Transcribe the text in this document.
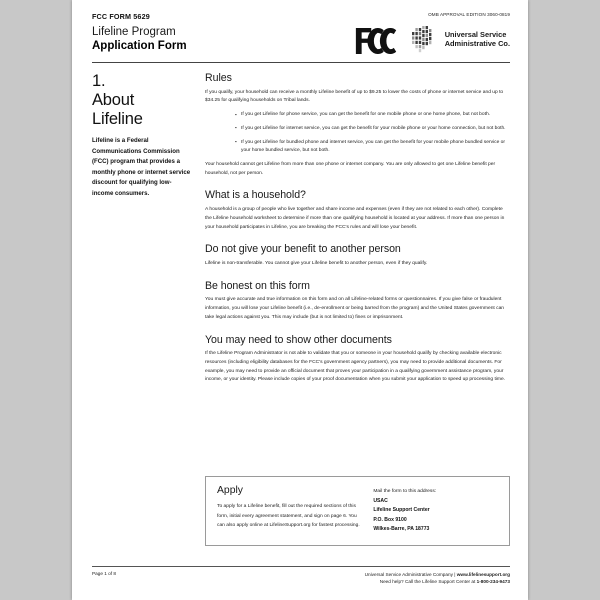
FCC FORM 5629
Lifeline Program
Application Form
OMB APPROVAL EDITION 3060-0819
Universal Service
Administrative Co.
1.
About
Lifeline
Lifeline is a Federal Communications Commission (FCC) program that provides a monthly phone or internet service discount for qualifying low-income consumers.
Rules

If you qualify, your household can receive a monthly Lifeline benefit of up to $9.25 to lower the costs of phone or internet service and up to $34.25 for qualifying households on Tribal lands.

▪ If you get Lifeline for phone service, you can get the benefit for one mobile phone or one home phone, but not both.
▪ If you get Lifeline for internet service, you can get the benefit for your mobile phone or your home connection, but not both.
▪ If you get Lifeline for bundled phone and internet service, you can get the benefit for your mobile phone bundled service or your home bundled service, but not both.

Your household cannot get Lifeline from more than one phone or internet company. You are only allowed to get one Lifeline benefit per household, not per person.

What is a household?

A household is a group of people who live together and share income and expenses (even if they are not related to each other). Complete the Lifeline household worksheet to determine if more than one qualifying household is located at your address. If more than one person in your household participates in Lifeline, you are breaking the FCC's rules and will lose your benefit.

Do not give your benefit to another person

Lifeline is non-transferable. You cannot give your Lifeline benefit to another person, even if they qualify.

Be honest on this form

You must give accurate and true information on this form and on all Lifeline-related forms or questionnaires. If you give false or fraudulent information, you will lose your Lifeline benefit (i.e., de-enrollment or being barred from the program) and the United States government can take legal actions against you. This may include (but is not limited to) fines or imprisonment.

You may need to show other documents

If the Lifeline Program Administrator is not able to validate that you or someone in your household qualify by checking available electronic resources (including eligibility databases for the FCC's government agency partners), you may need to provide additional documents. For example, you may need to provide an official document that proves your participation in a qualifying government assistance program, your income, or your identity. Please include copies of your proof documentation when you submit your application to speed up processing time.

Apply

To apply for a Lifeline benefit, fill out the required sections of this form, initial every agreement statement, and sign on page 6. You can also apply online at LifelineSupport.org for fastest processing.

Mail the form to this address:

USAC

Lifeline Support Center

P.O. Box 9100

Wilkes-Barre, PA 18773

Page 1 of 8	Universal Service Administrative Company | www.lifelinesupport.org
Need help? Call the Lifeline Support Center at 1-800-234-9473
